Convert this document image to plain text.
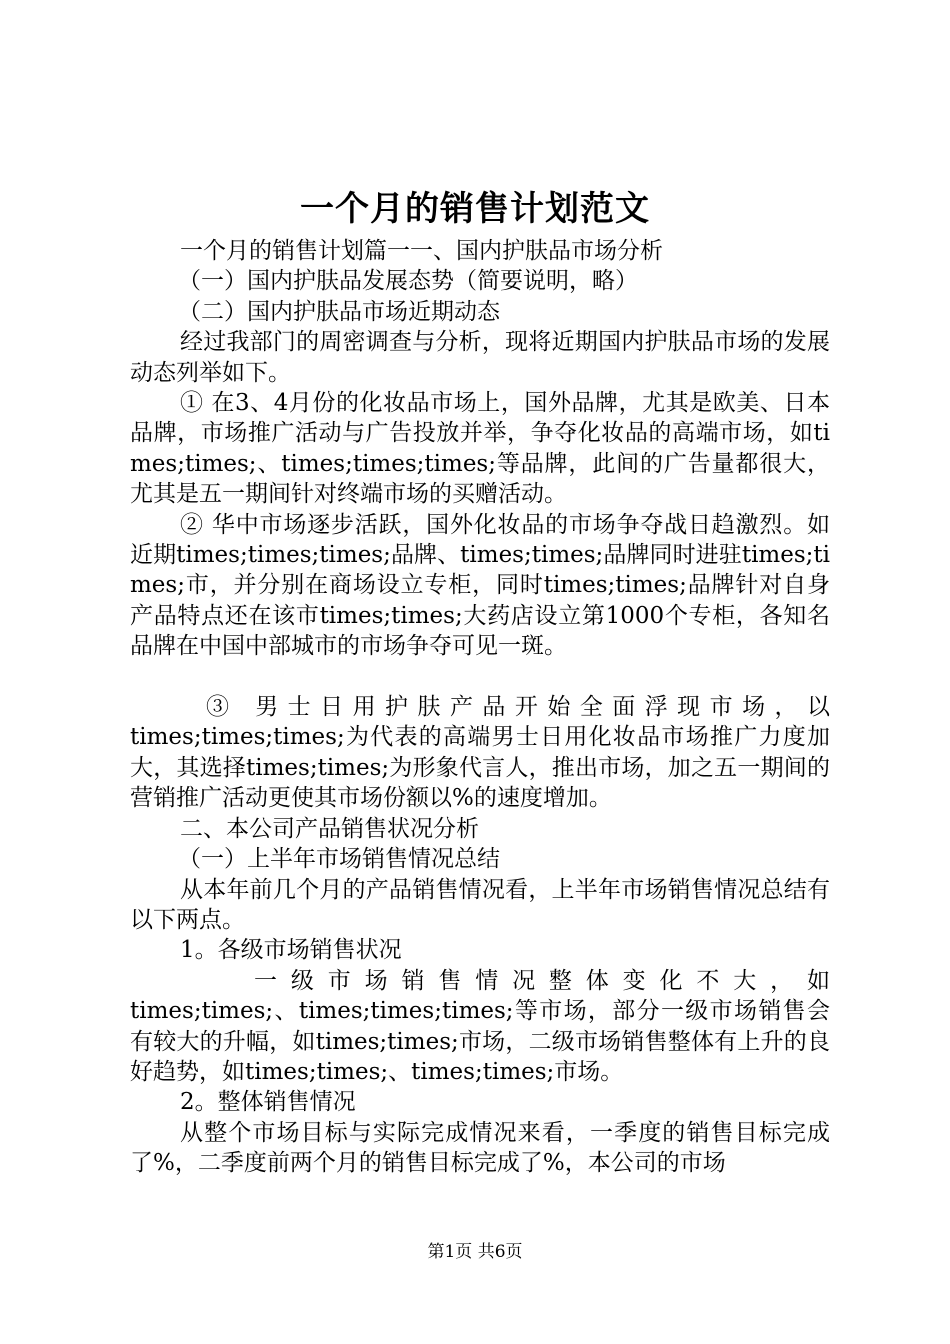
一个月的销售计划范文

一个月的销售计划篇一一、国内护肤品市场分析

（一）国内护肤品发展态势（简要说明，略）

（二）国内护肤品市场近期动态

经过我部门的周密调查与分析，现将近期国内护肤品市场的发展动态列举如下。

① 在3、4月份的化妆品市场上，国外品牌，尤其是欧美、日本品牌，市场推广活动与广告投放并举，争夺化妆品的高端市场，如times;times;、times;times;times;等品牌，此间的广告量都很大，尤其是五一期间针对终端市场的买赠活动。

② 华中市场逐步活跃，国外化妆品的市场争夺战日趋激烈。如近期times;times;times;品牌、times;times;品牌同时进驻times;times;市，并分别在商场设立专柜，同时times;times;品牌针对自身产品特点还在该市times;times;大药店设立第1000个专柜，各知名品牌在中国中部城市的市场争夺可见一斑。

③ 男士日用护肤产品开始全面浮现市场，以

times;times;times;为代表的高端男士日用化妆品市场推广力度加大，其选择times;times;为形象代言人，推出市场，加之五一期间的营销推广活动更使其市场份额以%的速度增加。

二、本公司产品销售状况分析

（一）上半年市场销售情况总结

从本年前几个月的产品销售情况看，上半年市场销售情况总结有以下两点。

1。各级市场销售状况

一级市场销售情况整体变化不大，如

times;times;、times;times;times;等市场，部分一级市场销售会有较大的升幅，如times;times;市场，二级市场销售整体有上升的良好趋势，如times;times;、times;times;市场。

2。整体销售情况

从整个市场目标与实际完成情况来看，一季度的销售目标完成了%，二季度前两个月的销售目标完成了%，本公司的市场

第1页 共6页
